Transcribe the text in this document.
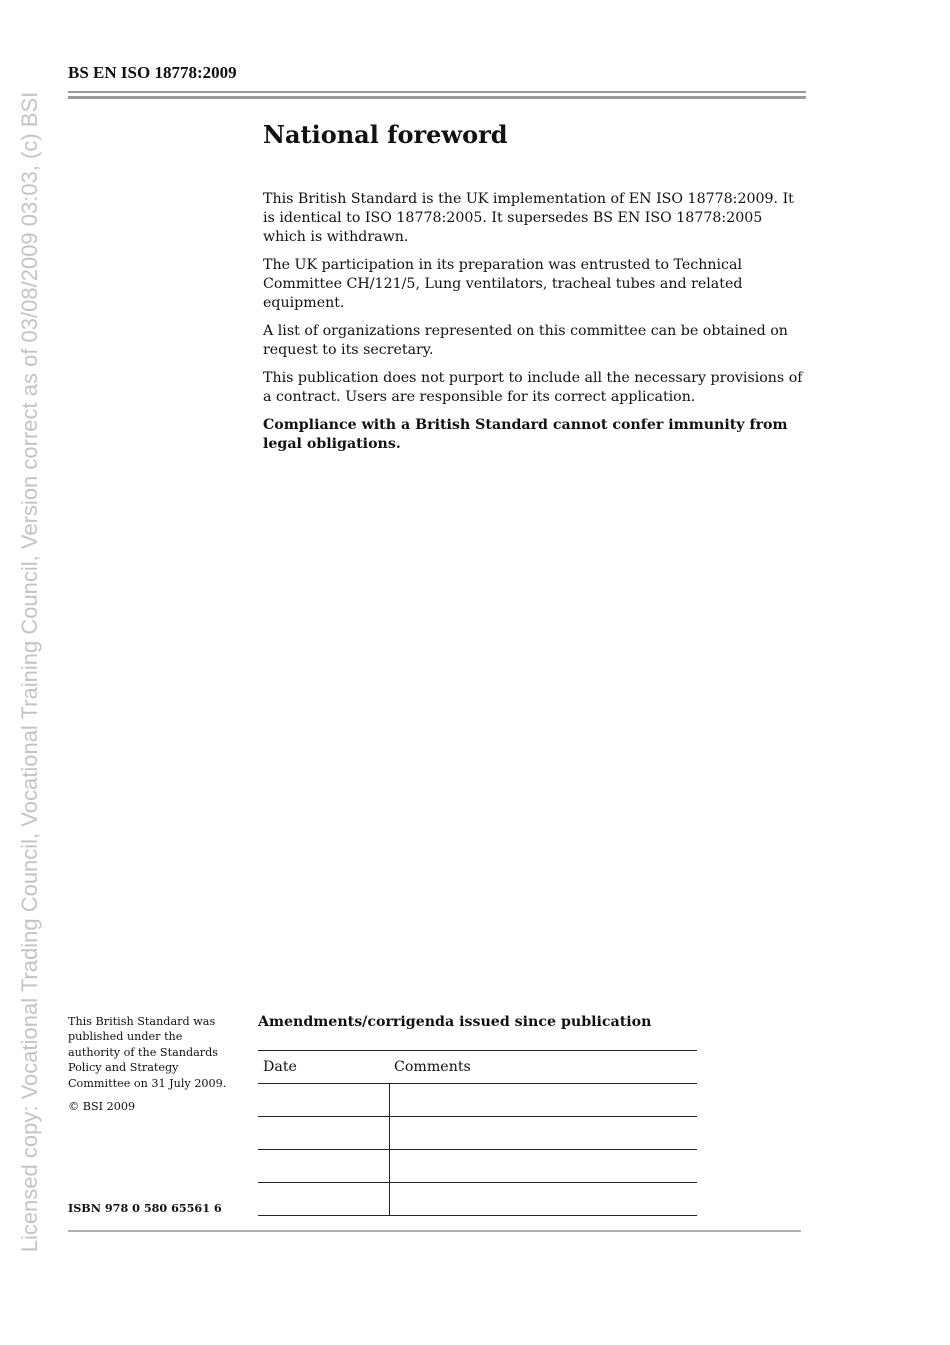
Licensed copy: Vocational Trading Council, Vocational Training Council, Version correct as of 03/08/2009 03:03, (c) BSI
BS EN ISO 18778:2009
National foreword

This British Standard is the UK implementation of EN ISO 18778:2009. It is identical to ISO 18778:2005. It supersedes BS EN ISO 18778:2005 which is withdrawn.

The UK participation in its preparation was entrusted to Technical Committee CH/121/5, Lung ventilators, tracheal tubes and related equipment.

A list of organizations represented on this committee can be obtained on request to its secretary.

This publication does not purport to include all the necessary provisions of a contract. Users are responsible for its correct application.

Compliance with a British Standard cannot confer immunity from legal obligations.

This British Standard was published under the authority of the Standards Policy and Strategy Committee on 31 July 2009.

© BSI 2009

ISBN 978 0 580 65561 6
Amendments/corrigenda issued since publication
Date	Comments
